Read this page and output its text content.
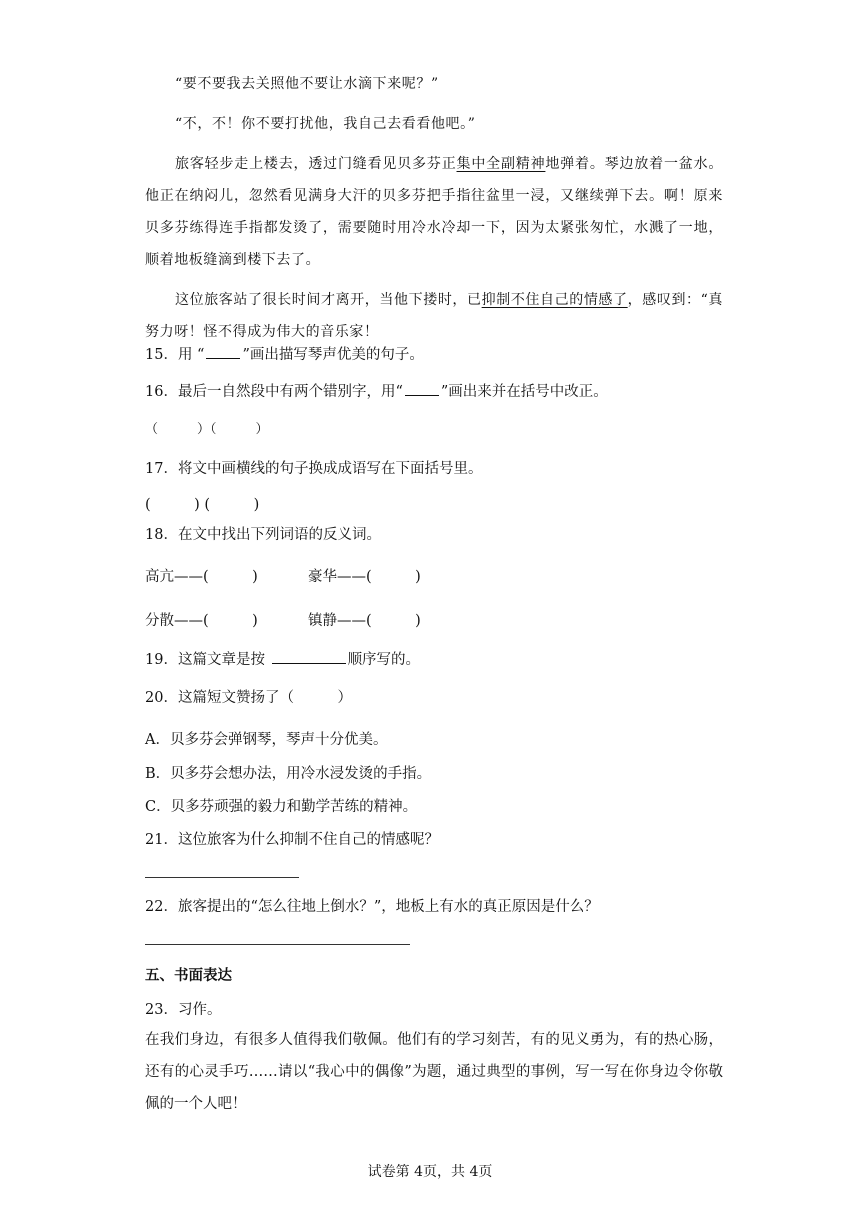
“要不要我去关照他不要让水滴下来呢？”

“不，不！你不要打扰他，我自己去看看他吧。”

旅客轻步走上楼去，透过门缝看见贝多芬正集中全副精神地弹着。琴边放着一盆水。他正在纳闷儿，忽然看见满身大汗的贝多芬把手指往盆里一浸，又继续弹下去。啊！原来贝多芬练得连手指都发烫了，需要随时用冷水冷却一下，因为太紧张匆忙，水溅了一地，顺着地板缝滴到楼下去了。

这位旅客站了很长时间才离开，当他下搂时，已抑制不住自己的情感了，感叹到：“真努力呀！怪不得成为伟大的音乐家！

15．用 “	”画出描写琴声优美的句子。
16．最后一自然段中有两个错别字，用“	”画出来并在括号中改正。
（　　　）（　　　）
17．将文中画横线的句子换成成语写在下面括号里。
(　　　) (　　　)
18．在文中找出下列词语的反义词。
高亢——(　　　)	豪华——(　　　)
分散——(　　　)	镇静——(　　　)
19．这篇文章是按	顺序写的。
20．这篇短文赞扬了（　　　）
A．贝多芬会弹钢琴，琴声十分优美。
B．贝多芬会想办法，用冷水浸发烫的手指。
C．贝多芬顽强的毅力和勤学苦练的精神。
21．这位旅客为什么抑制不住自己的情感呢？
22．旅客提出的“怎么往地上倒水？”，地板上有水的真正原因是什么？
五、书面表达
23．习作。
在我们身边，有很多人值得我们敬佩。他们有的学习刻苦，有的见义勇为，有的热心肠，还有的心灵手巧……请以“我心中的偶像”为题，通过典型的事例，写一写在你身边令你敬佩的一个人吧！
试卷第 4页，共 4页
